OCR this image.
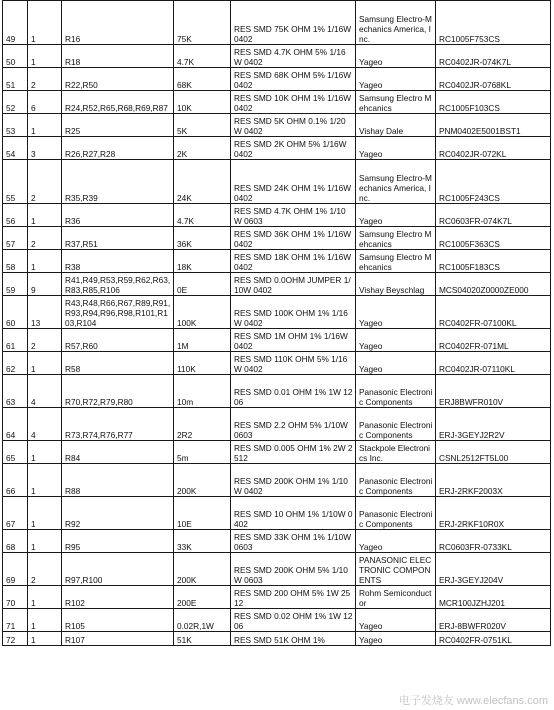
49	1	R16	75K	RES SMD 75K OHM 1% 1/16W 0402	Samsung Electro-Mechanics America, Inc.	RC1005F753CS
50	1	R18	4.7K	RES SMD 4.7K OHM 5% 1/16W 0402	Yageo	RC0402JR-074K7L
51	2	R22,R50	68K	RES SMD 68K OHM 5% 1/16W 0402	Yageo	RC0402JR-0768KL
52	6	R24,R52,R65,R68,R69,R87	10K	RES SMD 10K OHM 1% 1/16W 0402	Samsung Electro Mehcanics	RC1005F103CS
53	1	R25	5K	RES SMD 5K OHM 0.1% 1/20W 0402	Vishay Dale	PNM0402E5001BST1
54	3	R26,R27,R28	2K	RES SMD 2K OHM 5% 1/16W 0402	Yageo	RC0402JR-072KL
55	2	R35,R39	24K	RES SMD 24K OHM 1% 1/16W 0402	Samsung Electro-Mechanics America, Inc.	RC1005F243CS
56	1	R36	4.7K	RES SMD 4.7K OHM 1% 1/10W 0603	Yageo	RC0603FR-074K7L
57	2	R37,R51	36K	RES SMD 36K OHM 1% 1/16W 0402	Samsung Electro Mehcanics	RC1005F363CS
58	1	R38	18K	RES SMD 18K OHM 1% 1/16W 0402	Samsung Electro Mehcanics	RC1005F183CS
59	9	R41,R49,R53,R59,R62,R63,R83,R85,R106	0E	RES SMD 0.0OHM JUMPER 1/10W 0402	Vishay Beyschlag	MCS04020Z0000ZE000
60	13	R43,R48,R66,R67,R89,R91,R93,R94,R96,R98,R101,R103,R104	100K	RES SMD 100K OHM 1% 1/16W 0402	Yageo	RC0402FR-07100KL
61	2	R57,R60	1M	RES SMD 1M OHM 1% 1/16W 0402	Yageo	RC0402FR-071ML
62	1	R58	110K	RES SMD 110K OHM 5% 1/16W 0402	Yageo	RC0402JR-07110KL
63	4	R70,R72,R79,R80	10m	RES SMD 0.01 OHM 1% 1W 1206	Panasonic Electronic Components	ERJ8BWFR010V
64	4	R73,R74,R76,R77	2R2	RES SMD 2.2 OHM 5% 1/10W 0603	Panasonic Electronic Components	ERJ-3GEYJ2R2V
65	1	R84	5m	RES SMD 0.005 OHM 1% 2W 2512	Stackpole Electronics Inc.	CSNL2512FT5L00
66	1	R88	200K	RES SMD 200K OHM 1% 1/10W 0402	Panasonic Electronic Components	ERJ-2RKF2003X
67	1	R92	10E	RES SMD 10 OHM 1% 1/10W 0402	Panasonic Electronic Components	ERJ-2RKF10R0X
68	1	R95	33K	RES SMD 33K OHM 1% 1/10W 0603	Yageo	RC0603FR-0733KL
69	2	R97,R100	200K	RES SMD 200K OHM 5% 1/10W 0603	PANASONIC ELECTRONIC COMPONENTS	ERJ-3GEYJ204V
70	1	R102	200E	RES SMD 200 OHM 5% 1W 2512	Rohm Semiconductor	MCR100JZHJ201
71	1	R105	0.02R,1W	RES SMD 0.02 OHM 1% 1W 1206	Yageo	ERJ-8BWFR020V
72	1	R107	51K	RES SMD 51K OHM 1%	Yageo	RC0402FR-0751KL
电子发烧友 www.elecfans.com
